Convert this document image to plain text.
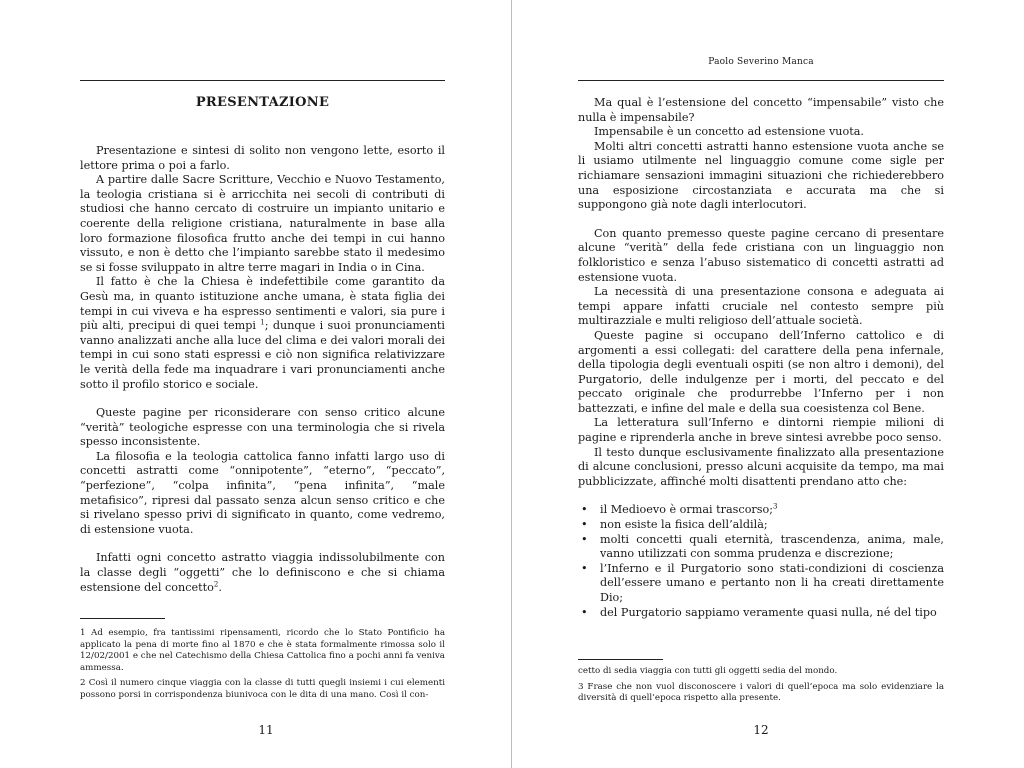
PRESENTAZIONE

Presentazione e sintesi di solito non vengono lette, esorto il lettore prima o poi a farlo.

A partire dalle Sacre Scritture, Vecchio e Nuovo Testamento, la teologia cristiana si è arricchita nei secoli di contributi di studiosi che hanno cercato di costruire un impianto unitario e coerente della religione cristiana, naturalmente in base alla loro formazione filosofica frutto anche dei tempi in cui hanno vissuto, e non è detto che l’impianto sarebbe stato il medesimo se si fosse sviluppato in altre terre magari in India o in Cina.

Il fatto è che la Chiesa è indefettibile come garantito da Gesù ma, in quanto istituzione anche umana, è stata figlia dei tempi in cui viveva e ha espresso sentimenti e valori, sia pure i più alti, precipui di quei tempi $^1$; dunque i suoi pronunciamenti vanno analizzati anche alla luce del clima e dei valori morali dei tempi in cui sono stati espressi e ciò non significa relativizzare le verità della fede ma inquadrare i vari pronunciamenti anche sotto il profilo storico e sociale.

Queste pagine per riconsiderare con senso critico alcune “verità” teologiche espresse con una terminologia che si rivela spesso inconsistente.

La filosofia e la teologia cattolica fanno infatti largo uso di concetti astratti come “onnipotente”, “eterno”, “peccato”, “perfezione”, “colpa infinita”, “pena infinita”, “male metafisico”, ripresi dal passato senza alcun senso critico e che si rivelano spesso privi di significato in quanto, come vedremo, di estensione vuota.

Infatti ogni concetto astratto viaggia indissolubilmente con la classe degli “oggetti” che lo definiscono e che si chiama estensione del concetto$^2$.

1 Ad esempio, fra tantissimi ripensamenti, ricordo che lo Stato Pontificio ha applicato la pena di morte fino al 1870 e che è stata formalmente rimossa solo il 12/02/2001 e che nel Catechismo della Chiesa Cattolica fino a pochi anni fa veniva ammessa.

2 Così il numero cinque viaggia con la classe di tutti quegli insiemi i cui elementi possono porsi in corrispondenza biunivoca con le dita di una mano. Così il con-

11
Paolo Severino Manca

Ma qual è l’estensione del concetto “impensabile” visto che nulla è impensabile?

Impensabile è un concetto ad estensione vuota.

Molti altri concetti astratti hanno estensione vuota anche se li usiamo utilmente nel linguaggio comune come sigle per richiamare sensazioni immagini situazioni che richiederebbero una esposizione circostanziata e accurata ma che si suppongono già note dagli interlocutori.

Con quanto premesso queste pagine cercano di presentare alcune “verità” della fede cristiana con un linguaggio non folkloristico e senza l’abuso sistematico di concetti astratti ad estensione vuota.

La necessità di una presentazione consona e adeguata ai tempi appare infatti cruciale nel contesto sempre più multirazziale e multi religioso dell’attuale società.

Queste pagine si occupano dell’Inferno cattolico e di argomenti a essi collegati: del carattere della pena infernale, della tipologia degli eventuali ospiti (se non altro i demoni), del Purgatorio, delle indulgenze per i morti, del peccato e del peccato originale che produrrebbe l’Inferno per i non battezzati, e infine del male e della sua coesistenza col Bene.

La letteratura sull’Inferno e dintorni riempie milioni di pagine e riprenderla anche in breve sintesi avrebbe poco senso.

Il testo dunque esclusivamente finalizzato alla presentazione di alcune conclusioni, presso alcuni acquisite da tempo, ma mai pubblicizzate, affinché molti disattenti prendano atto che:

• il Medioevo è ormai trascorso;$^3$
• non esiste la fisica dell’aldilà;
• molti concetti quali eternità, trascendenza, anima, male, vanno utilizzati con somma prudenza e discrezione;
• l’Inferno e il Purgatorio sono stati-condizioni di coscienza dell’essere umano e pertanto non li ha creati direttamente Dio;
• del Purgatorio sappiamo veramente quasi nulla, né del tipo

cetto di sedia viaggia con tutti gli oggetti sedia del mondo.

3 Frase che non vuol disconoscere i valori di quell’epoca ma solo evidenziare la diversità di quell’epoca rispetto alla presente.

12
